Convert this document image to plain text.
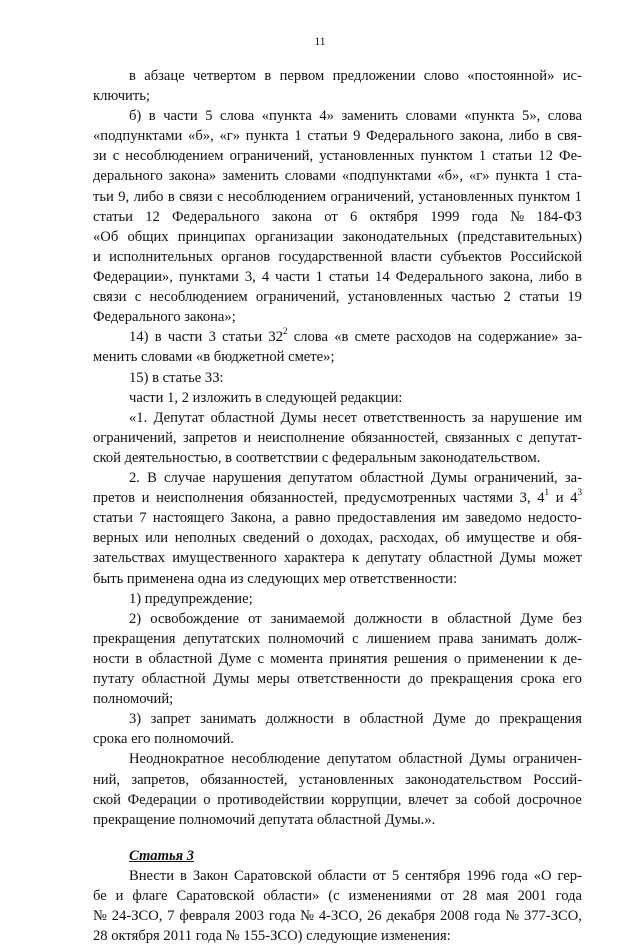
11
в абзаце четвертом в первом предложении слово «постоянной» ис-
ключить;
б) в части 5 слова «пункта 4» заменить словами «пункта 5», слова
«подпунктами «б», «г» пункта 1 статьи 9 Федерального закона, либо в свя-
зи с несоблюдением ограничений, установленных пунктом 1 статьи 12 Фе-
дерального закона» заменить словами «подпунктами «б», «г» пункта 1 ста-
тьи 9, либо в связи с несоблюдением ограничений, установленных пунктом 1
статьи 12 Федерального закона от 6 октября 1999 года № 184-ФЗ
«Об общих принципах организации законодательных (представительных)
и исполнительных органов государственной власти субъектов Российской
Федерации», пунктами 3, 4 части 1 статьи 14 Федерального закона, либо в
связи с несоблюдением ограничений, установленных частью 2 статьи 19
Федерального закона»;
14) в части 3 статьи $32^2$ слова «в смете расходов на содержание» за-
менить словами «в бюджетной смете»;
15) в статье 33:
части 1, 2 изложить в следующей редакции:
«1. Депутат областной Думы несет ответственность за нарушение им
ограничений, запретов и неисполнение обязанностей, связанных с депутат-
ской деятельностью, в соответствии с федеральным законодательством.
2. В случае нарушения депутатом областной Думы ограничений, за-
претов и неисполнения обязанностей, предусмотренных частями 3, $4^1$ и $4^3$
статьи 7 настоящего Закона, а равно предоставления им заведомо недосто-
верных или неполных сведений о доходах, расходах, об имуществе и обя-
зательствах имущественного характера к депутату областной Думы может
быть применена одна из следующих мер ответственности:
1) предупреждение;
2) освобождение от занимаемой должности в областной Думе без
прекращения депутатских полномочий с лишением права занимать долж-
ности в областной Думе с момента принятия решения о применении к де-
путату областной Думы меры ответственности до прекращения срока его
полномочий;
3) запрет занимать должности в областной Думе до прекращения
срока его полномочий.
Неоднократное несоблюдение депутатом областной Думы ограничен-
ний, запретов, обязанностей, установленных законодательством Россий-
ской Федерации о противодействии коррупции, влечет за собой досрочное
прекращение полномочий депутата областной Думы.».
Статья 3
Внести в Закон Саратовской области от 5 сентября 1996 года «О гер-
бе и флаге Саратовской области» (с изменениями от 28 мая 2001 года
№ 24-ЗСО, 7 февраля 2003 года № 4-ЗСО, 26 декабря 2008 года № 377-ЗСО,
28 октября 2011 года № 155-ЗСО) следующие изменения:
